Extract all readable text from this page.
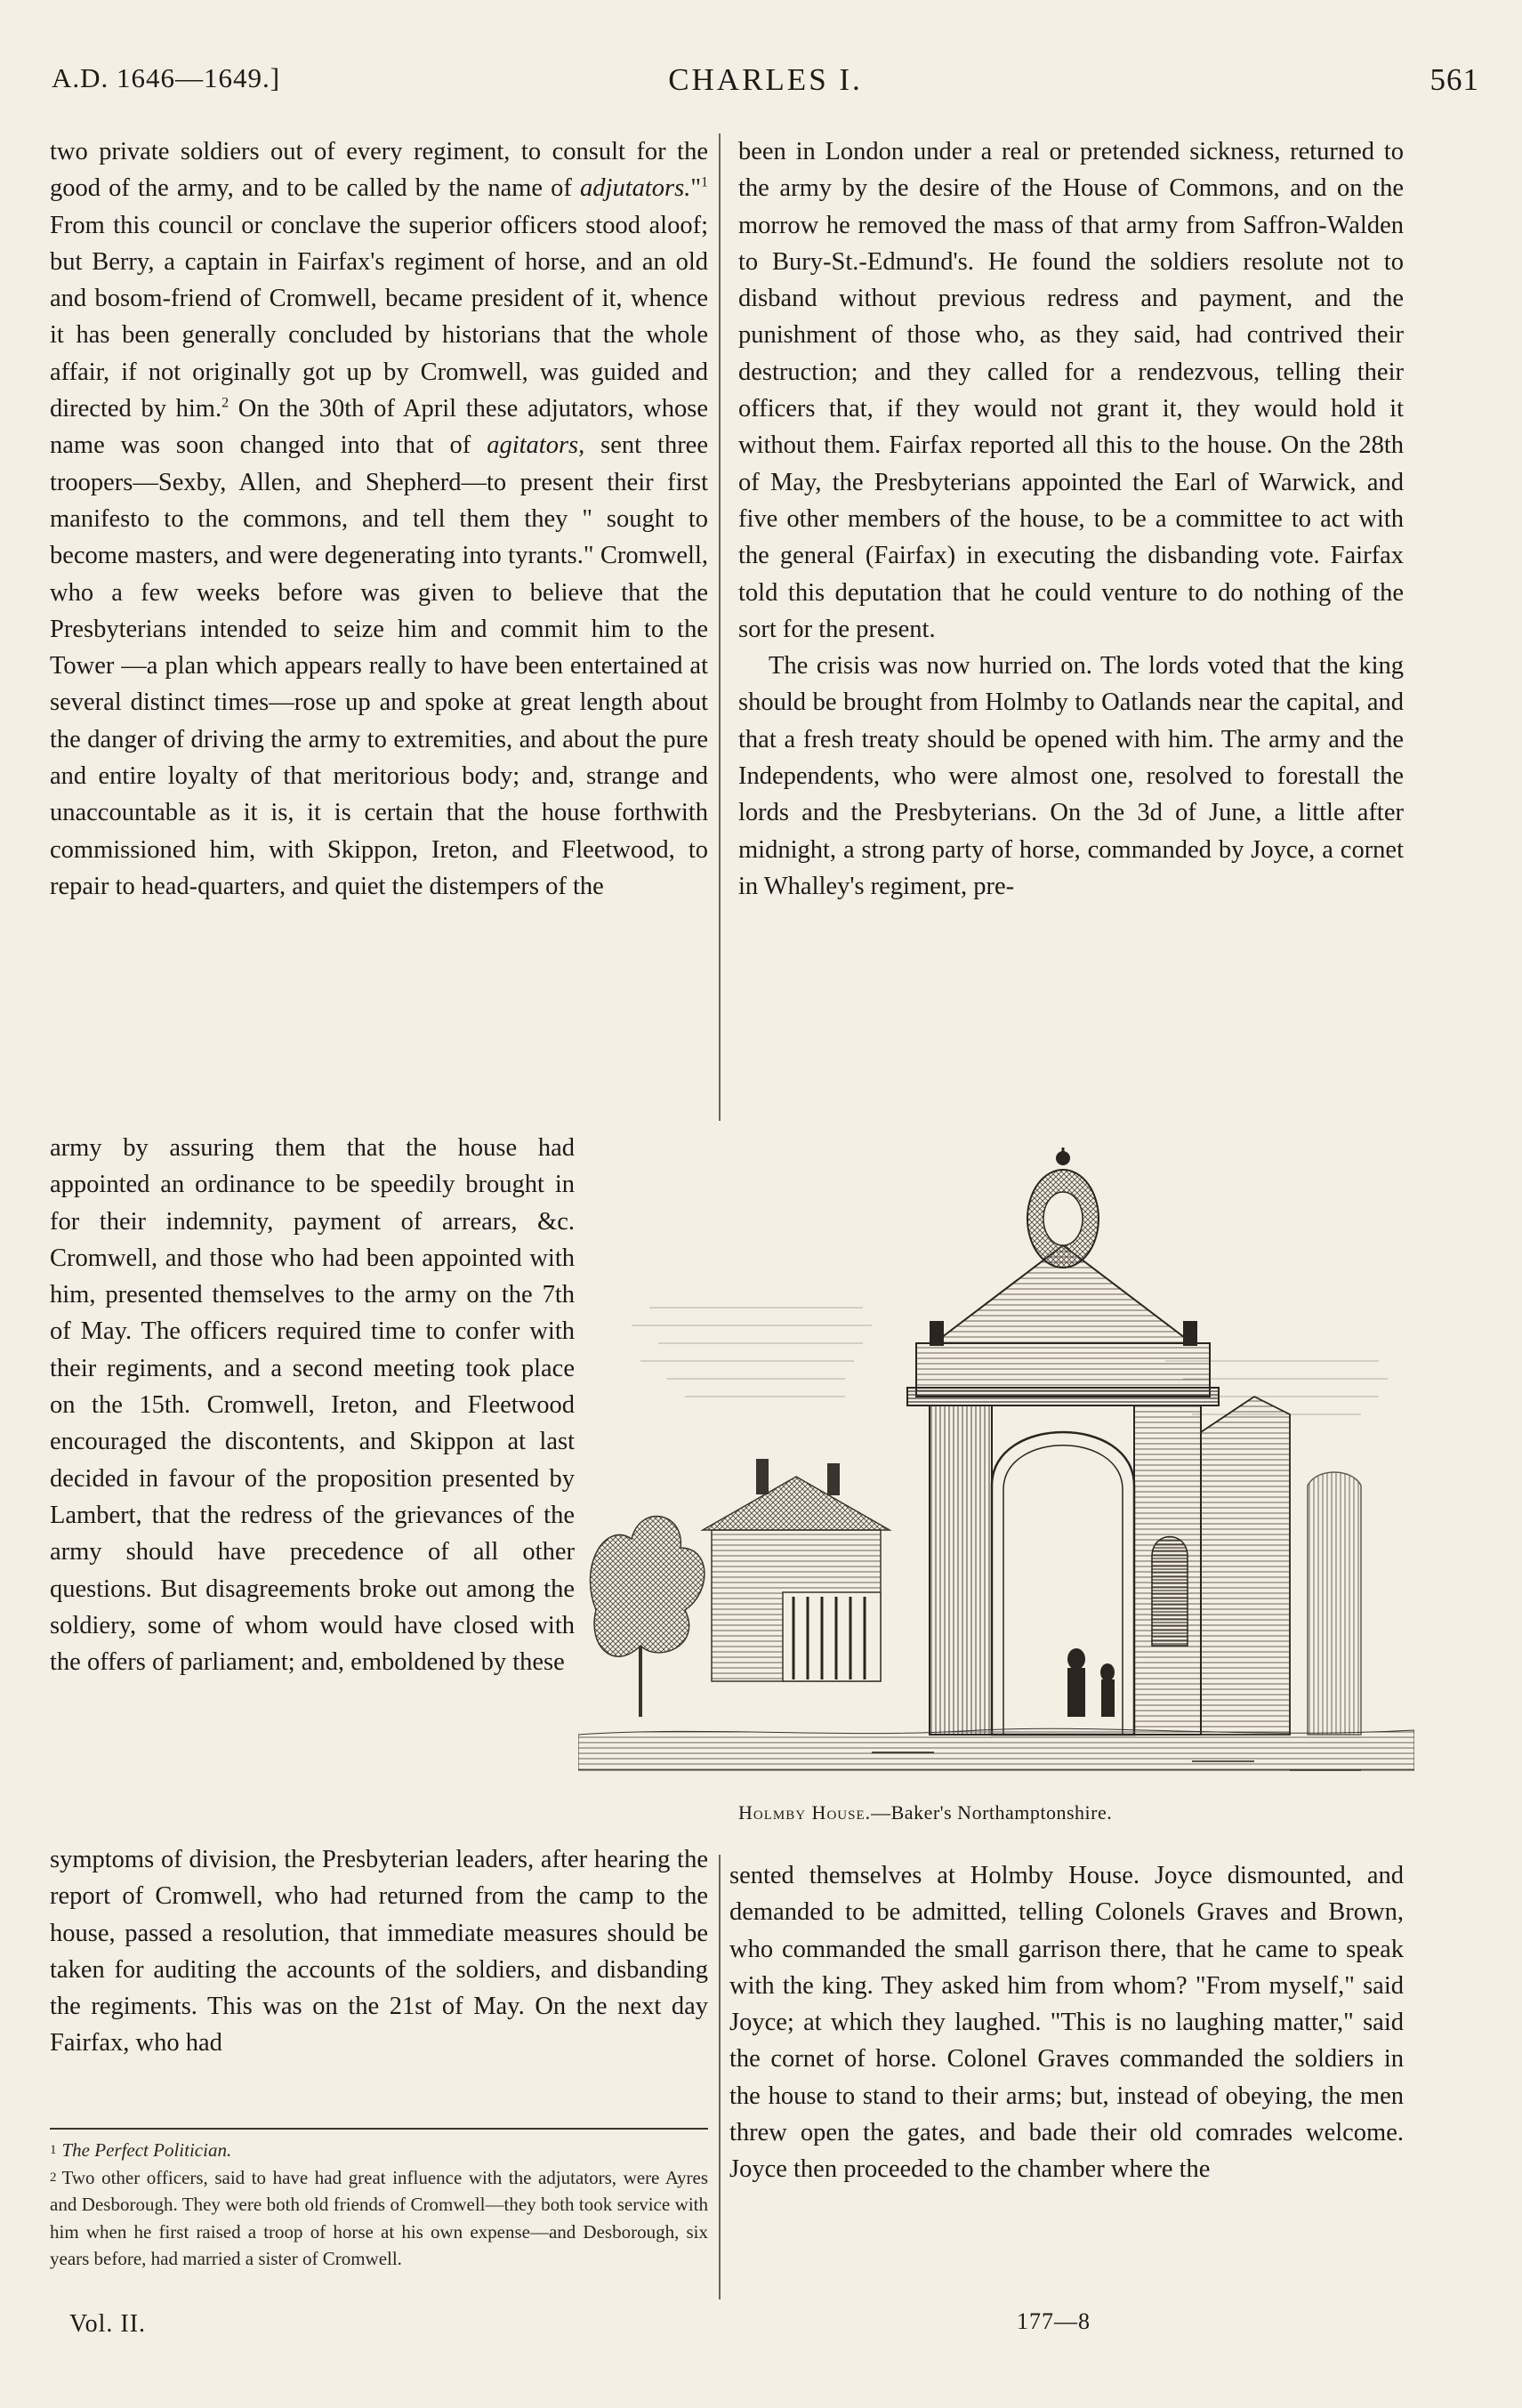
A.D. 1646—1649.]	CHARLES I.	561

two private soldiers out of every regiment, to consult for the good of the army, and to be called by the name of adjutators."$^1$ From this council or conclave the superior officers stood aloof; but Berry, a captain in Fairfax's regiment of horse, and an old and bosom-friend of Cromwell, became president of it, whence it has been generally concluded by historians that the whole affair, if not originally got up by Cromwell, was guided and directed by him.$^2$ On the 30th of April these adjutators, whose name was soon changed into that of agitators, sent three troopers—Sexby, Allen, and Shepherd—to present their first manifesto to the commons, and tell them they " sought to become masters, and were degenerating into tyrants." Cromwell, who a few weeks before was given to believe that the Presbyterians intended to seize him and commit him to the Tower —a plan which appears really to have been entertained at several distinct times—rose up and spoke at great length about the danger of driving the army to extremities, and about the pure and entire loyalty of that meritorious body; and, strange and unaccountable as it is, it is certain that the house forthwith commissioned him, with Skippon, Ireton, and Fleetwood, to repair to head-quarters, and quiet the distempers of the

been in London under a real or pretended sickness, returned to the army by the desire of the House of Commons, and on the morrow he removed the mass of that army from Saffron-Walden to Bury-St.-Edmund's. He found the soldiers resolute not to disband without previous redress and payment, and the punishment of those who, as they said, had contrived their destruction; and they called for a rendezvous, telling their officers that, if they would not grant it, they would hold it without them. Fairfax reported all this to the house. On the 28th of May, the Presbyterians appointed the Earl of Warwick, and five other members of the house, to be a committee to act with the general (Fairfax) in executing the disbanding vote. Fairfax told this deputation that he could venture to do nothing of the sort for the present.

The crisis was now hurried on. The lords voted that the king should be brought from Holmby to Oatlands near the capital, and that a fresh treaty should be opened with him. The army and the Independents, who were almost one, resolved to forestall the lords and the Presbyterians. On the 3d of June, a little after midnight, a strong party of horse, commanded by Joyce, a cornet in Whalley's regiment, pre-

army by assuring them that the house had appointed an ordinance to be speedily brought in for their indemnity, payment of arrears, &c. Cromwell, and those who had been appointed with him, presented themselves to the army on the 7th of May. The officers required time to confer with their regiments, and a second meeting took place on the 15th. Cromwell, Ireton, and Fleetwood encouraged the discontents, and Skippon at last decided in favour of the proposition presented by Lambert, that the redress of the grievances of the army should have precedence of all other questions. But disagreements broke out among the soldiery, some of whom would have closed with the offers of parliament; and, emboldened by these

Holmby House.—Baker's Northamptonshire.

symptoms of division, the Presbyterian leaders, after hearing the report of Cromwell, who had returned from the camp to the house, passed a resolution, that immediate measures should be taken for auditing the accounts of the soldiers, and disbanding the regiments. This was on the 21st of May. On the next day Fairfax, who had

sented themselves at Holmby House. Joyce dismounted, and demanded to be admitted, telling Colonels Graves and Brown, who commanded the small garrison there, that he came to speak with the king. They asked him from whom? "From myself," said Joyce; at which they laughed. "This is no laughing matter," said the cornet of horse. Colonel Graves commanded the soldiers in the house to stand to their arms; but, instead of obeying, the men threw open the gates, and bade their old comrades welcome. Joyce then proceeded to the chamber where the

$^1$ The Perfect Politician.

$^2$ Two other officers, said to have had great influence with the adjutators, were Ayres and Desborough. They were both old friends of Cromwell—they both took service with him when he first raised a troop of horse at his own expense—and Desborough, six years before, had married a sister of Cromwell.

Vol. II.	177—8
